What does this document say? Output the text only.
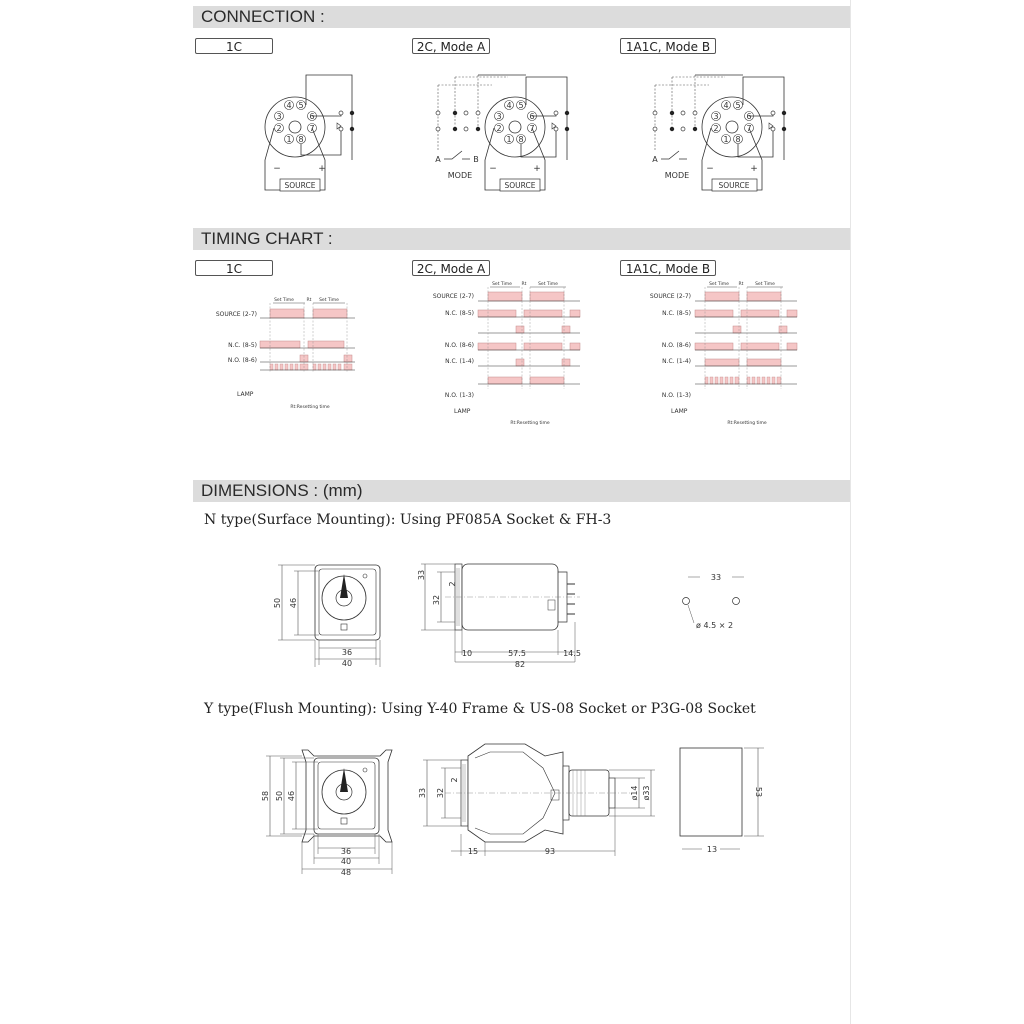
CONNECTION :
1C	2C, Mode A	1A1C, Mode B
4 5
3	6
2	7
1 8
SOURCE
−	+
4 5
3	6
2	7
1 8
SOURCE
−	+
A	B
MODE
4 5
3	6
2	7
1 8
SOURCE
−	+
A
MODE
TIMING CHART :
1C	2C, Mode A	1A1C, Mode B
SOURCE (2-7)
N.C. (8-5)
N.O. (8-6)
LAMP
Rt:Resetting time
Set Time	Rt Set Time
SOURCE (2-7)
N.C. (8-5)
N.O. (8-6)
N.C. (1-4)
N.O. (1-3)
LAMP
Rt:Resetting time
Set Time Rt	Set Time
SOURCE (2-7)
N.C. (8-5)
N.O. (8-6)
N.C. (1-4)
N.O. (1-3)
LAMP
Rt:Resetting time
Set Time Rt	Set Time
DIMENSIONS : (mm)
N type(Surface Mounting): Using PF085A Socket & FH-3
50 46
36
40
33
32
2
10	57.5	14.5
82
33
ø 4.5 × 2
Y type(Flush Mounting): Using Y-40 Frame & US-08 Socket or P3G-08 Socket
58 50 46
36
40
48
33 32
2
ø14 ø33
15	93
53
13
